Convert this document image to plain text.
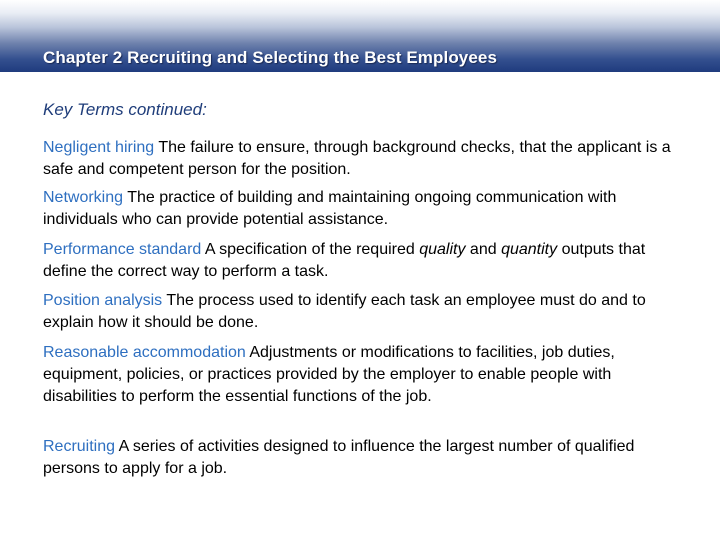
Chapter 2 Recruiting and Selecting the Best Employees
Key Terms continued:
Negligent hiring The failure to ensure, through background checks, that the applicant is a safe and competent person for the position.
Networking The practice of building and maintaining ongoing communication with individuals who can provide potential assistance.
Performance standard A specification of the required quality and quantity outputs that define the correct way to perform a task.
Position analysis The process used to identify each task an employee must do and to explain how it should be done.
Reasonable accommodation Adjustments or modifications to facilities, job duties, equipment, policies, or practices provided by the employer to enable people with disabilities to perform the essential functions of the job.
Recruiting A series of activities designed to influence the largest number of qualified persons to apply for a job.
